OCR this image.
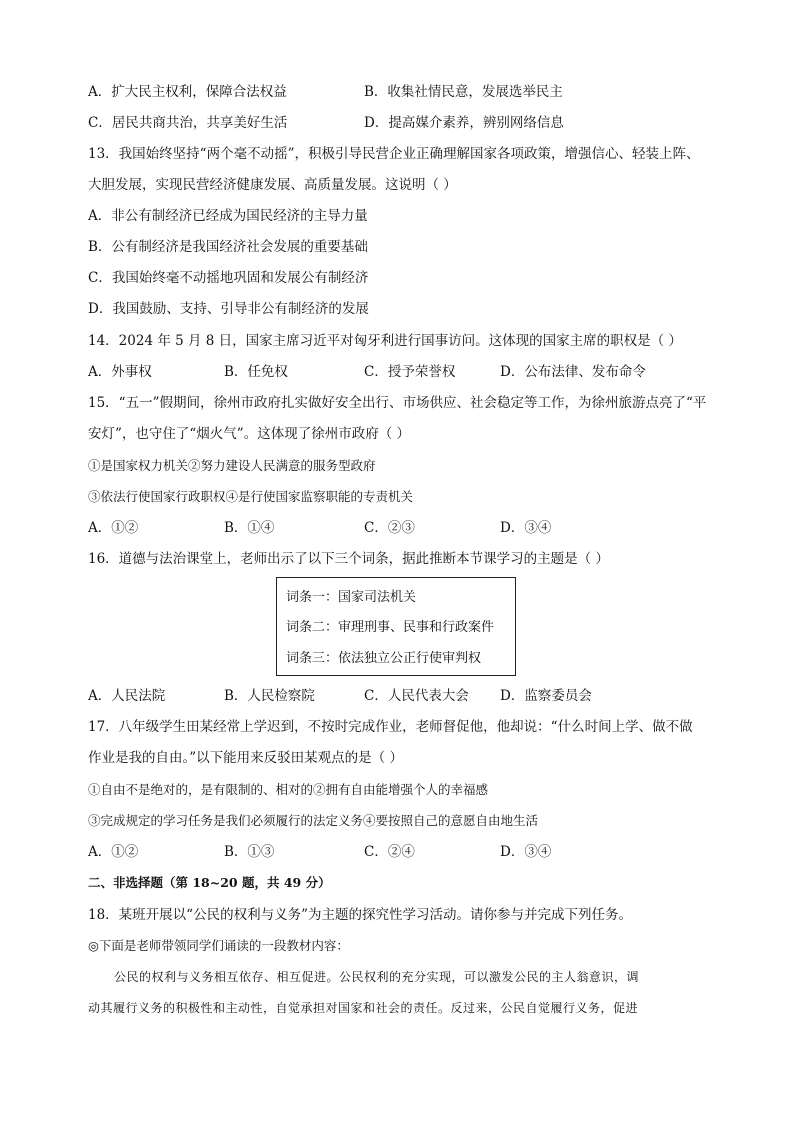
A．扩大民主权利，保障合法权益	B．收集社情民意，发展选举民主
C．居民共商共治，共享美好生活	D．提高媒介素养，辨别网络信息
13．我国始终坚持“两个毫不动摇”，积极引导民营企业正确理解国家各项政策，增强信心、轻装上阵、
大胆发展，实现民营经济健康发展、高质量发展。这说明（ ）
A．非公有制经济已经成为国民经济的主导力量
B．公有制经济是我国经济社会发展的重要基础
C．我国始终毫不动摇地巩固和发展公有制经济
D．我国鼓励、支持、引导非公有制经济的发展
14．2024 年 5 月 8 日，国家主席习近平对匈牙利进行国事访问。这体现的国家主席的职权是（ ）
A．外事权	B．任免权	C．授予荣誉权	D．公布法律、发布命令
15．“五一”假期间，徐州市政府扎实做好安全出行、市场供应、社会稳定等工作，为徐州旅游点亮了“平
安灯”，也守住了“烟火气”。这体现了徐州市政府（ ）
①是国家权力机关②努力建设人民满意的服务型政府
③依法行使国家行政职权④是行使国家监察职能的专责机关
A．①②	B．①④	C．②③	D．③④
16．道德与法治课堂上，老师出示了以下三个词条，据此推断本节课学习的主题是（ ）
词条一：国家司法机关
词条二：审理刑事、民事和行政案件
词条三：依法独立公正行使审判权
A．人民法院	B．人民检察院	C．人民代表大会 D．监察委员会
17．八年级学生田某经常上学迟到，不按时完成作业，老师督促他，他却说：“什么时间上学、做不做
作业是我的自由。”以下能用来反驳田某观点的是（ ）
①自由不是绝对的，是有限制的、相对的②拥有自由能增强个人的幸福感
③完成规定的学习任务是我们必须履行的法定义务④要按照自己的意愿自由地生活
A．①②	B．①③	C．②④	D．③④
二、非选择题（第 18~20 题，共 49 分）
18．某班开展以“公民的权利与义务”为主题的探究性学习活动。请你参与并完成下列任务。
◎下面是老师带领同学们诵读的一段教材内容：
公民的权利与义务相互依存、相互促进。公民权利的充分实现，可以激发公民的主人翁意识，调
动其履行义务的积极性和主动性，自觉承担对国家和社会的责任。反过来，公民自觉履行义务，促进
